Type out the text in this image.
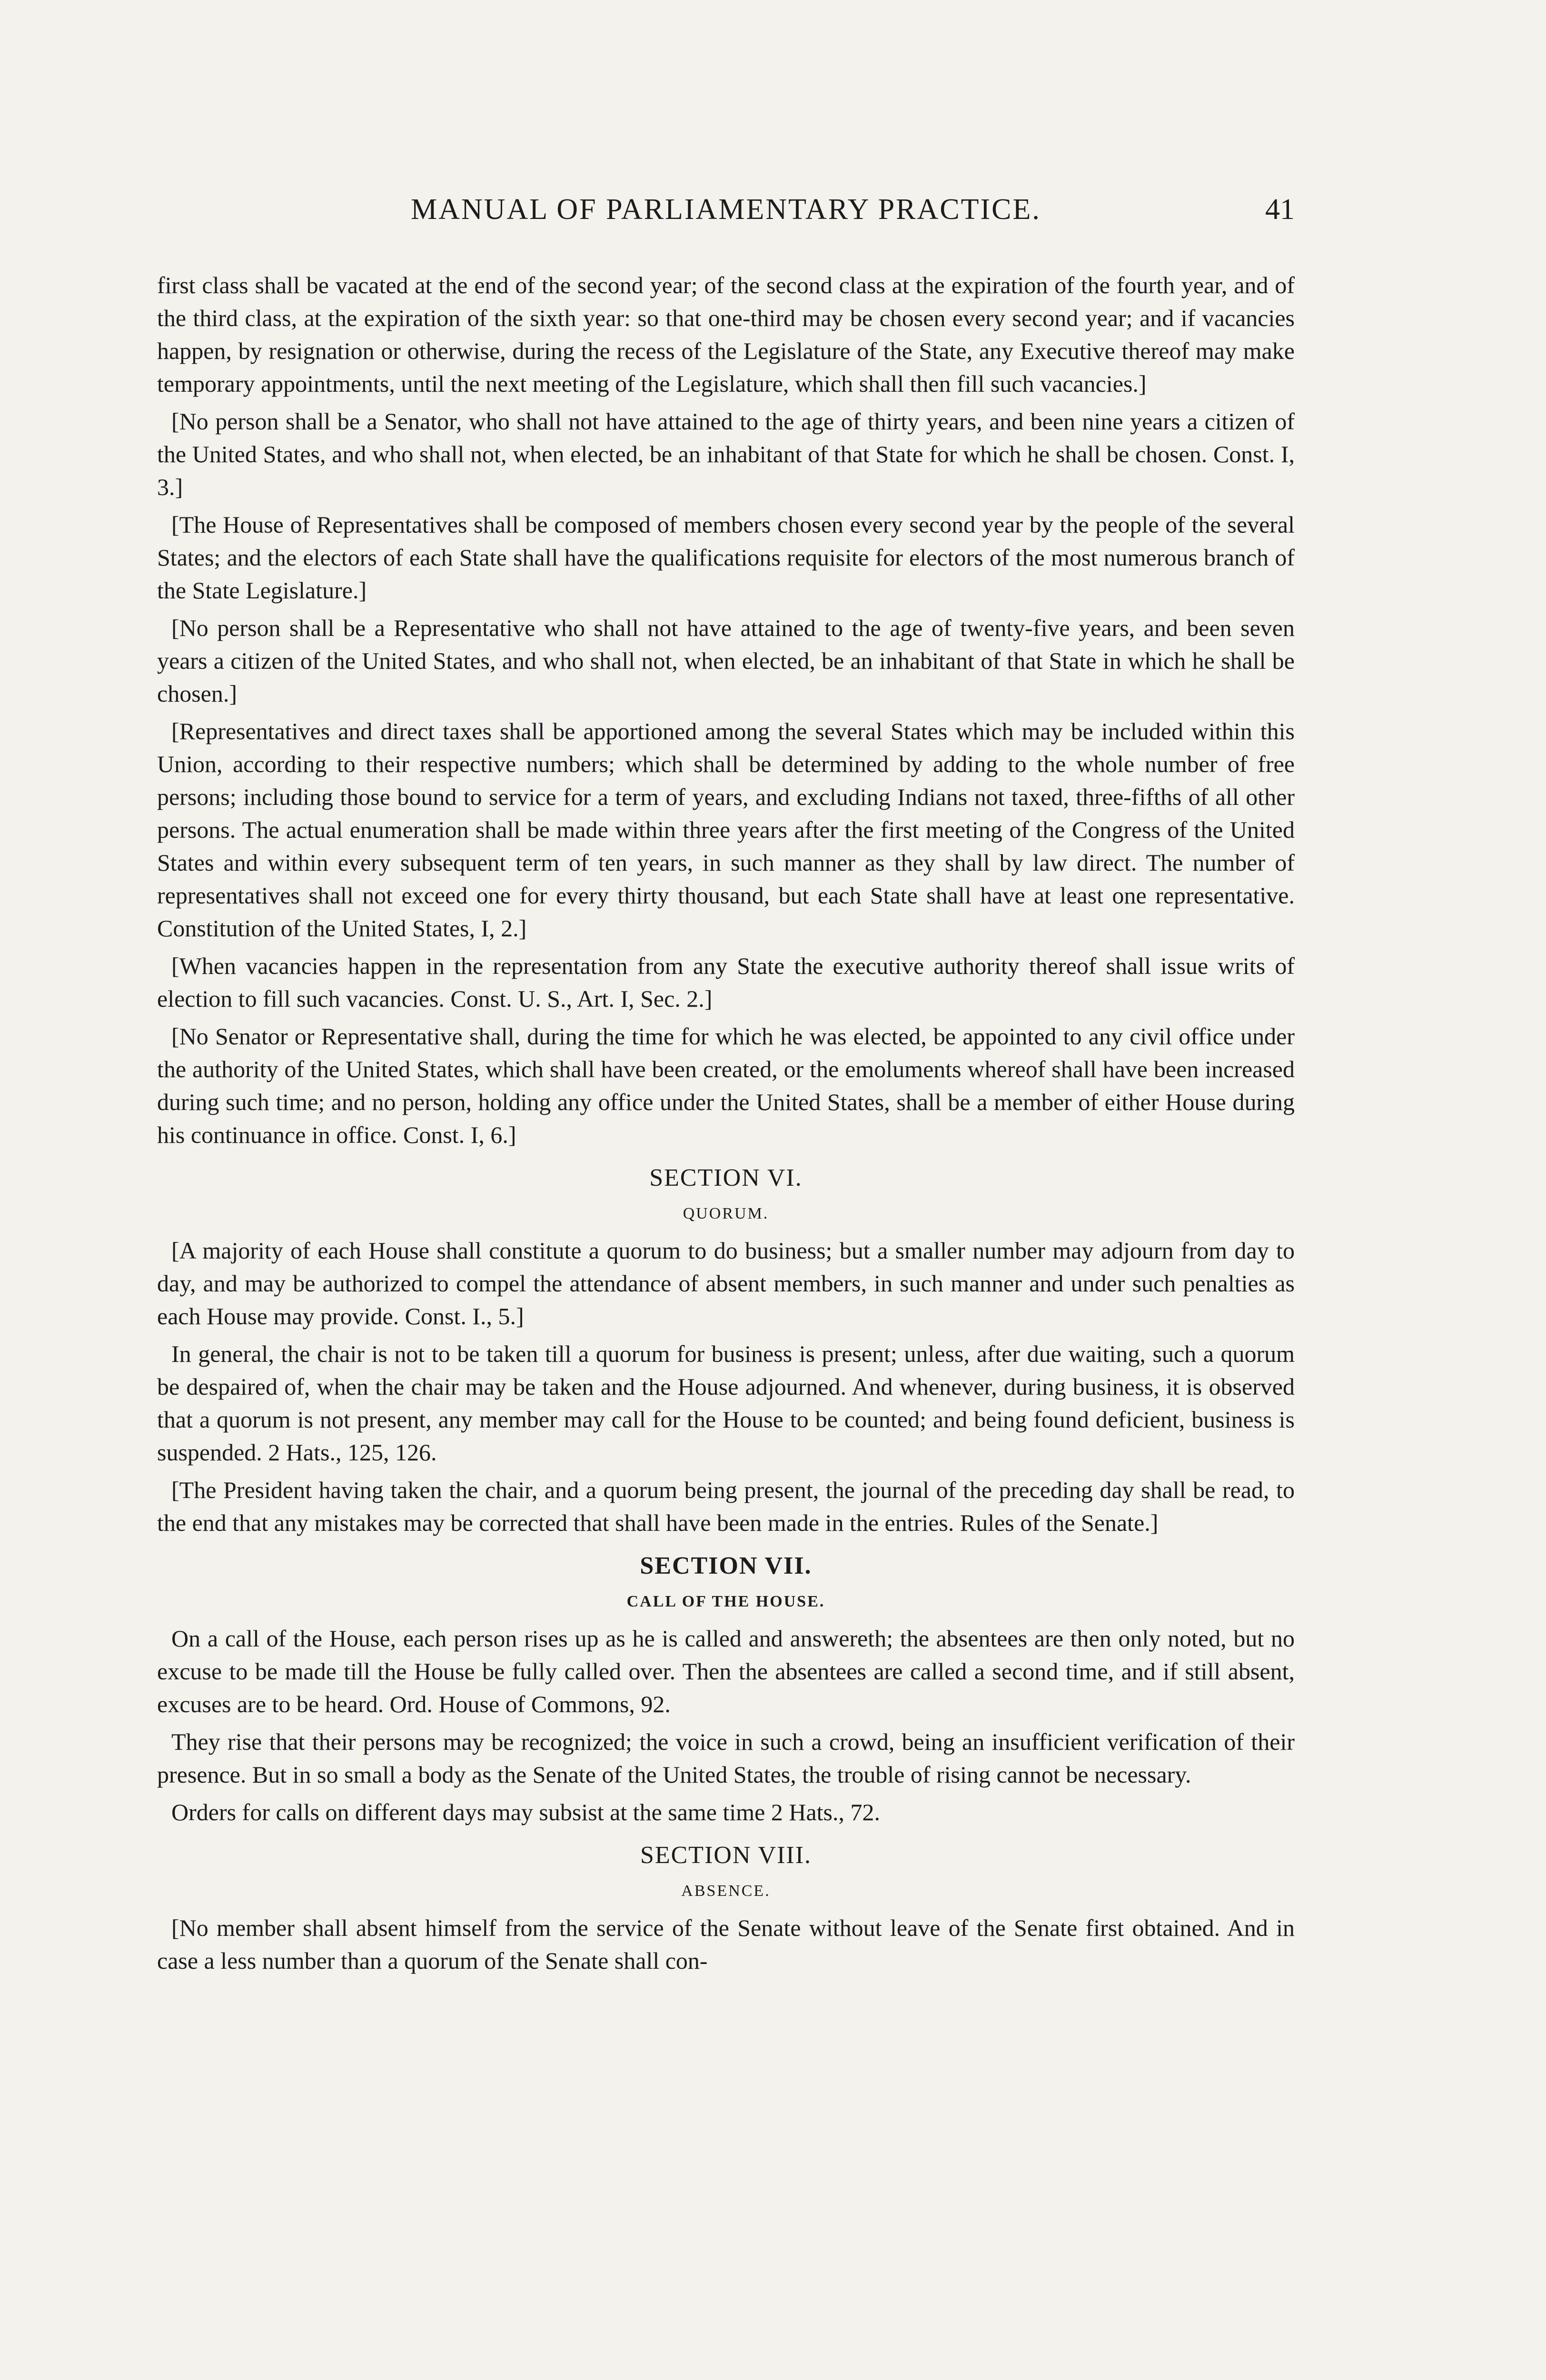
MANUAL OF PARLIAMENTARY PRACTICE.	41

first class shall be vacated at the end of the second year; of the second class at the expiration of the fourth year, and of the third class, at the expiration of the sixth year: so that one-third may be chosen every second year; and if vacancies happen, by resignation or otherwise, during the recess of the Legislature of the State, any Executive thereof may make temporary appointments, until the next meeting of the Legislature, which shall then fill such vacancies.]

[No person shall be a Senator, who shall not have attained to the age of thirty years, and been nine years a citizen of the United States, and who shall not, when elected, be an inhabitant of that State for which he shall be chosen. Const. I, 3.]

[The House of Representatives shall be composed of members chosen every second year by the people of the several States; and the electors of each State shall have the qualifications requisite for electors of the most numerous branch of the State Legislature.]

[No person shall be a Representative who shall not have attained to the age of twenty-five years, and been seven years a citizen of the United States, and who shall not, when elected, be an inhabitant of that State in which he shall be chosen.]

[Representatives and direct taxes shall be apportioned among the several States which may be included within this Union, according to their respective numbers; which shall be determined by adding to the whole number of free persons; including those bound to service for a term of years, and excluding Indians not taxed, three-fifths of all other persons. The actual enumeration shall be made within three years after the first meeting of the Congress of the United States and within every subsequent term of ten years, in such manner as they shall by law direct. The number of representatives shall not exceed one for every thirty thousand, but each State shall have at least one representative. Constitution of the United States, I, 2.]

[When vacancies happen in the representation from any State the executive authority thereof shall issue writs of election to fill such vacancies. Const. U. S., Art. I, Sec. 2.]

[No Senator or Representative shall, during the time for which he was elected, be appointed to any civil office under the authority of the United States, which shall have been created, or the emoluments whereof shall have been increased during such time; and no person, holding any office under the United States, shall be a member of either House during his continuance in office. Const. I, 6.]

SECTION VI.
QUORUM.

[A majority of each House shall constitute a quorum to do business; but a smaller number may adjourn from day to day, and may be authorized to compel the attendance of absent members, in such manner and under such penalties as each House may provide. Const. I., 5.]

In general, the chair is not to be taken till a quorum for business is present; unless, after due waiting, such a quorum be despaired of, when the chair may be taken and the House adjourned. And whenever, during business, it is observed that a quorum is not present, any member may call for the House to be counted; and being found deficient, business is suspended. 2 Hats., 125, 126.

[The President having taken the chair, and a quorum being present, the journal of the preceding day shall be read, to the end that any mistakes may be corrected that shall have been made in the entries. Rules of the Senate.]

SECTION VII.
CALL OF THE HOUSE.

On a call of the House, each person rises up as he is called and answereth; the absentees are then only noted, but no excuse to be made till the House be fully called over. Then the absentees are called a second time, and if still absent, excuses are to be heard. Ord. House of Commons, 92.

They rise that their persons may be recognized; the voice in such a crowd, being an insufficient verification of their presence. But in so small a body as the Senate of the United States, the trouble of rising cannot be necessary.

Orders for calls on different days may subsist at the same time 2 Hats., 72.

SECTION VIII.
ABSENCE.

[No member shall absent himself from the service of the Senate without leave of the Senate first obtained. And in case a less number than a quorum of the Senate shall con-
